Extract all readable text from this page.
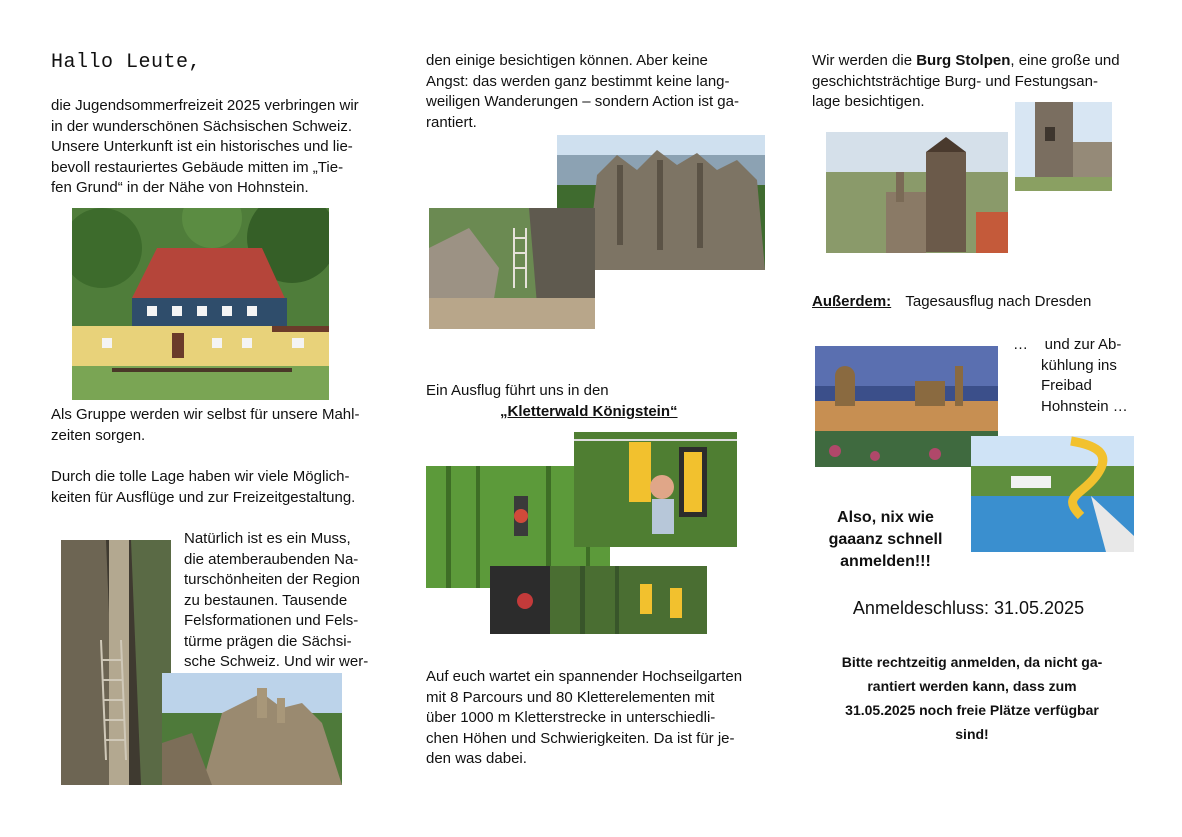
Hallo Leute,
die Jugendsommerfreizeit 2025 verbringen wir
in der wunderschönen Sächsischen Schweiz.
Unsere Unterkunft ist ein historisches und lie-
bevoll restauriertes Gebäude mitten im „Tie-
fen Grund“ in der Nähe von Hohnstein.
Als Gruppe werden wir selbst für unsere Mahl-
zeiten sorgen.
Durch die tolle Lage haben wir viele Möglich-
keiten für Ausflüge und zur Freizeitgestaltung.
Natürlich ist es ein Muss,
die atemberaubenden Na-
turschönheiten der Region
zu bestaunen. Tausende
Felsformationen und Fels-
türme prägen die Sächsi-
sche Schweiz. Und wir wer-
den einige besichtigen können. Aber keine
Angst: das werden ganz bestimmt keine lang-
weiligen Wanderungen – sondern Action ist ga-
rantiert.
Ein Ausflug führt uns in den
„Kletterwald Königstein“
Auf euch wartet ein spannender Hochseilgarten
mit 8 Parcours und 80 Kletterelementen mit
über 1000 m Kletterstrecke in unterschiedli-
chen Höhen und Schwierigkeiten. Da ist für je-
den was dabei.
Wir werden die Burg Stolpen, eine große und
geschichtsträchtige Burg- und Festungsan-
lage besichtigen.
Außerdem: Tagesausflug nach Dresden
…    und zur Ab-
kühlung ins
Freibad
Hohnstein …
Also, nix wie
gaaanz schnell
anmelden!!!
Anmeldeschluss: 31.05.2025
Bitte rechtzeitig anmelden, da nicht ga-
rantiert werden kann, dass zum
31.05.2025 noch freie Plätze verfügbar
sind!
